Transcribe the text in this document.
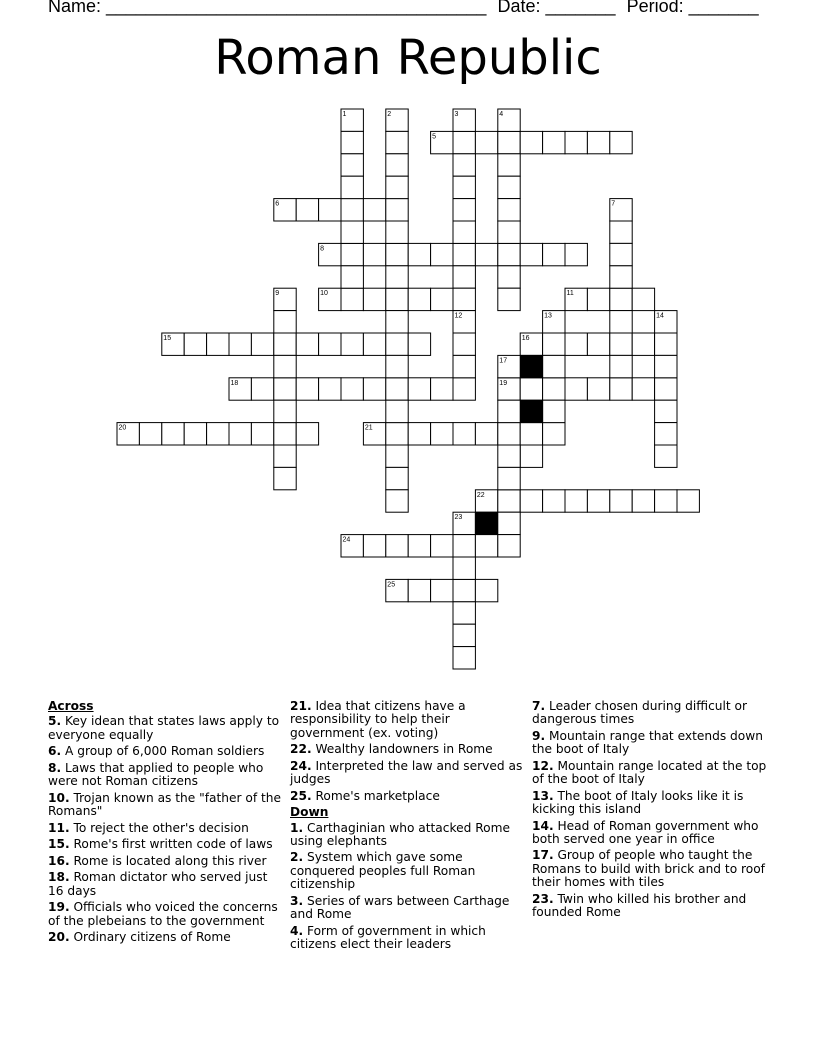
Name: ______________________________________ Date: _______ Period: _______
Roman Republic
5
6
8
10	11
15	16
18	19
20	21
22
23
24
25
1	2	3	4
7
9
12	13	14
17
Across
5. Key idean that states laws apply to everyone equally
6. A group of 6,000 Roman soldiers
8. Laws that applied to people who were not Roman citizens
10. Trojan known as the "father of the Romans"
11. To reject the other's decision
15. Rome's first written code of laws
16. Rome is located along this river
18. Roman dictator who served just 16 days
19. Officials who voiced the concerns of the plebeians to the government
20. Ordinary citizens of Rome
21. Idea that citizens have a responsibility to help their government (ex. voting)
22. Wealthy landowners in Rome
24. Interpreted the law and served as judges
25. Rome's marketplace
Down
1. Carthaginian who attacked Rome using elephants
2. System which gave some conquered peoples full Roman citizenship
3. Series of wars between Carthage and Rome
4. Form of government in which citizens elect their leaders
7. Leader chosen during difficult or dangerous times
9. Mountain range that extends down the boot of Italy
12. Mountain range located at the top of the boot of Italy
13. The boot of Italy looks like it is kicking this island
14. Head of Roman government who both served one year in office
17. Group of people who taught the Romans to build with brick and to roof their homes with tiles
23. Twin who killed his brother and founded Rome
